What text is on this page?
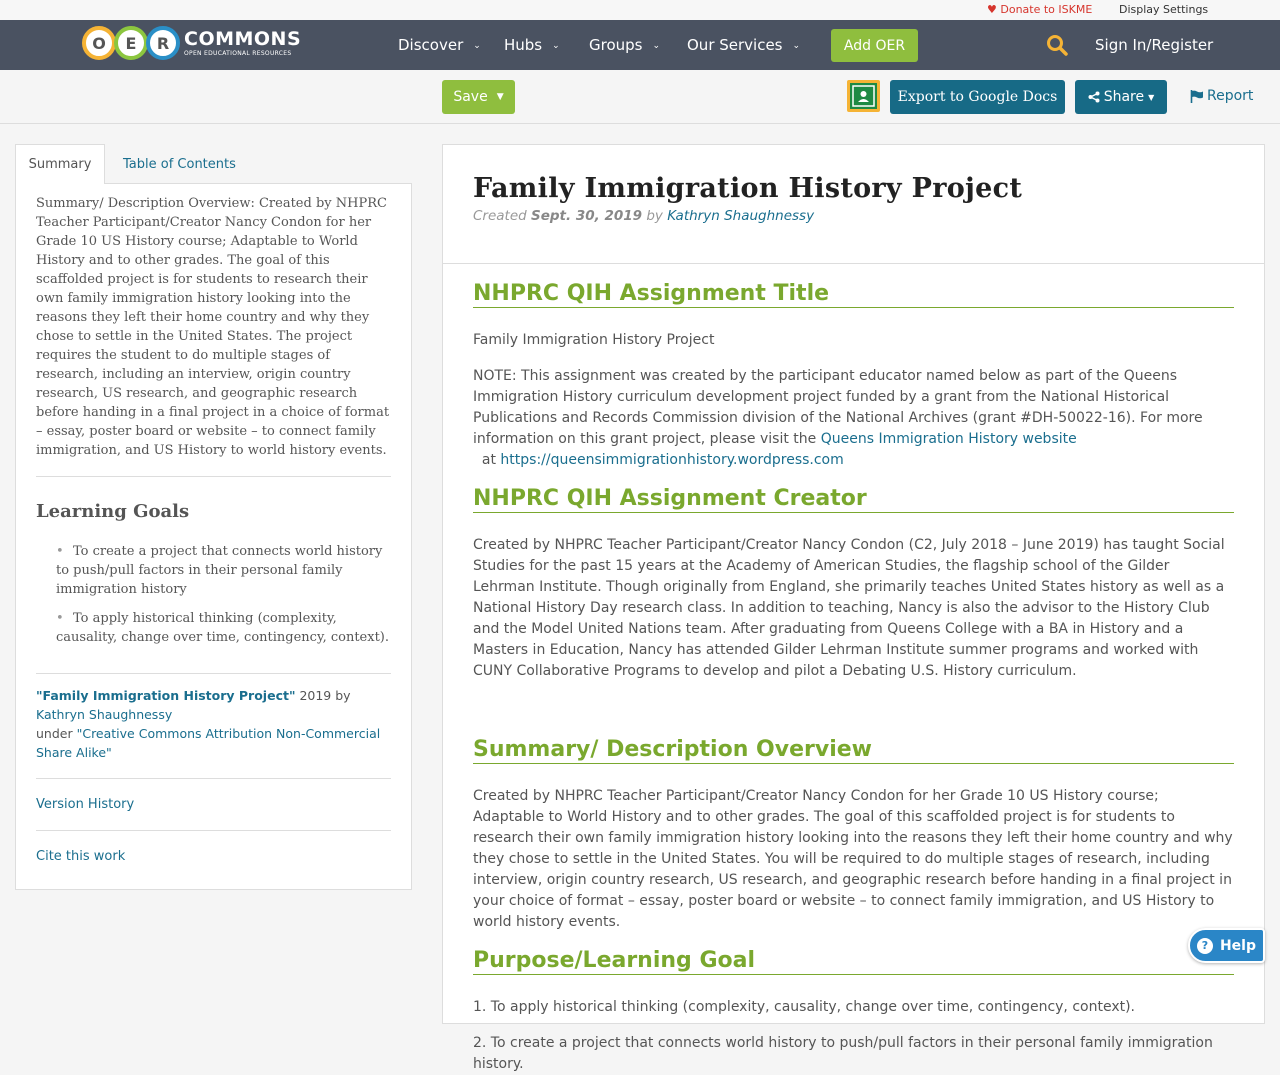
♥ Donate to ISKME Display Settings
O	E	R COMMONS
OPEN EDUCATIONAL RESOURCES	Discover ⌄ Hubs ⌄ Groups ⌄ Our Services ⌄	Add OER	Sign In/Register
Save ▼	Export to Google Docs	Share ▼	Report
Summary	Table of Contents

Summary/ Description Overview: Created by NHPRC Teacher Participant/Creator Nancy Condon for her Grade 10 US History course; Adaptable to World History and to other grades. The goal of this scaffolded project is for students to research their own family immigration history looking into the reasons they left their home country and why they chose to settle in the United States. The project requires the student to do multiple stages of research, including an interview, origin country research, US research, and geographic research before handing in a final project in a choice of format – essay, poster board or website – to connect family immigration, and US History to world history events.

Learning Goals
• To create a project that connects world history to push/pull factors in their personal family immigration history
• To apply historical thinking (complexity, causality, change over time, contingency, context).

"Family Immigration History Project" 2019 by Kathryn Shaughnessy
under "Creative Commons Attribution Non-Commercial Share Alike"

Version History
Cite this work
Family Immigration History Project
Created Sept. 30, 2019 by Kathryn Shaughnessy
NHPRC QIH Assignment Title

Family Immigration History Project

NOTE: This assignment was created by the participant educator named below as part of the Queens Immigration History curriculum development project funded by a grant from the National Historical Publications and Records Commission division of the National Archives (grant #DH-50022-16). For more information on this grant project, please visit the Queens Immigration History website  at https://queensimmigrationhistory.wordpress.com

NHPRC QIH Assignment Creator

Created by NHPRC Teacher Participant/Creator Nancy Condon (C2, July 2018 – June 2019) has taught Social Studies for the past 15 years at the Academy of American Studies, the flagship school of the Gilder Lehrman Institute. Though originally from England, she primarily teaches United States history as well as a National History Day research class. In addition to teaching, Nancy is also the advisor to the History Club and the Model United Nations team. After graduating from Queens College with a BA in History and a Masters in Education, Nancy has attended Gilder Lehrman Institute summer programs and worked with CUNY Collaborative Programs to develop and pilot a Debating U.S. History curriculum.

Summary/ Description Overview

Created by NHPRC Teacher Participant/Creator Nancy Condon for her Grade 10 US History course; Adaptable to World History and to other grades. The goal of this scaffolded project is for students to research their own family immigration history looking into the reasons they left their home country and why they chose to settle in the United States. You will be required to do multiple stages of research, including interview, origin country research, US research, and geographic research before handing in a final project in your choice of format – essay, poster board or website – to connect family immigration, and US History to world history events.

Purpose/Learning Goal

1. To apply historical thinking (complexity, causality, change over time, contingency, context).

2. To create a project that connects world history to push/pull factors in their personal family immigration history.

? Help
